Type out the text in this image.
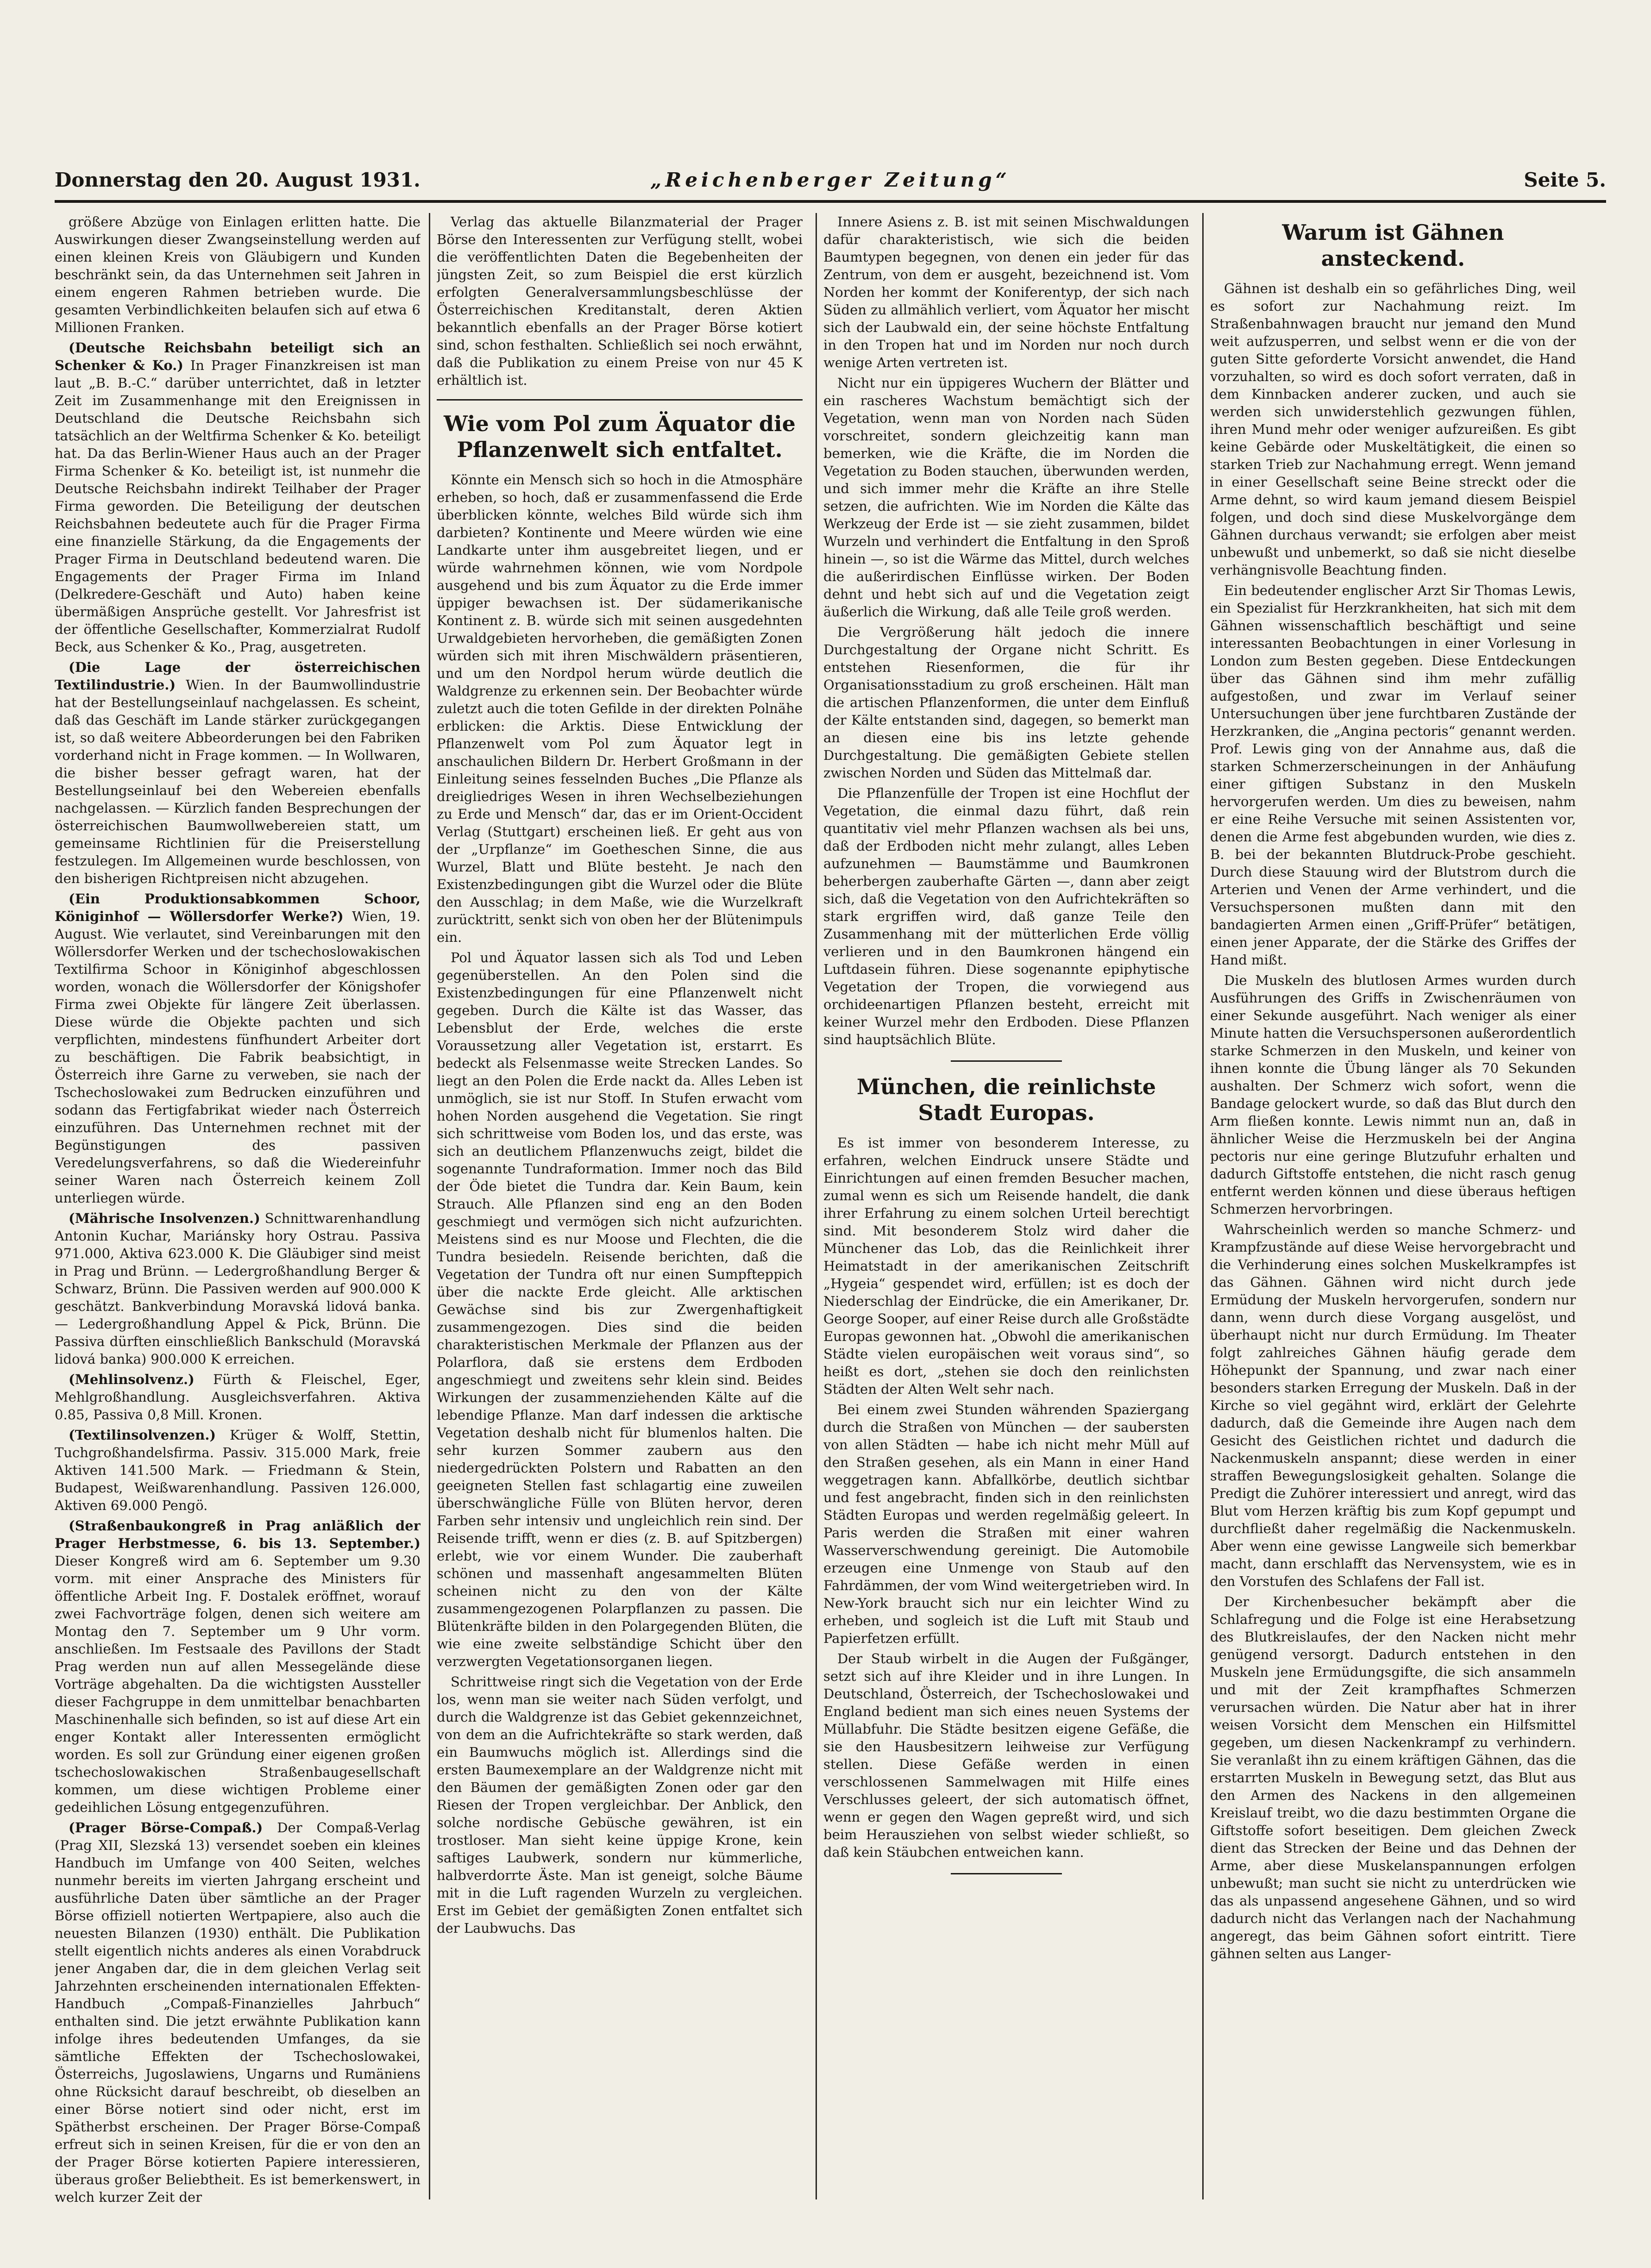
„Reichenberger Zeitung“
Donnerstag den 20. August 1931.	Seite 5.

größere Abzüge von Einlagen erlitten hatte. Die Auswirkungen dieser Zwangseinstellung werden auf einen kleinen Kreis von Gläubigern und Kunden beschränkt sein, da das Unternehmen seit Jahren in einem engeren Rahmen betrieben wurde. Die gesamten Verbindlichkeiten belaufen sich auf etwa 6 Millionen Franken.

(Deutsche Reichsbahn beteiligt sich an Schenker & Ko.) In Prager Finanzkreisen ist man laut „B. B.-C.“ darüber unterrichtet, daß in letzter Zeit im Zusammenhange mit den Ereignissen in Deutschland die Deutsche Reichsbahn sich tatsächlich an der Weltfirma Schenker & Ko. beteiligt hat. Da das Berlin-Wiener Haus auch an der Prager Firma Schenker & Ko. beteiligt ist, ist nunmehr die Deutsche Reichsbahn indirekt Teilhaber der Prager Firma geworden. Die Beteiligung der deutschen Reichsbahnen bedeutete auch für die Prager Firma eine finanzielle Stärkung, da die Engagements der Prager Firma in Deutschland bedeutend waren. Die Engagements der Prager Firma im Inland (Delkredere-Geschäft und Auto) haben keine übermäßigen Ansprüche gestellt. Vor Jahresfrist ist der öffentliche Gesellschafter, Kommerzialrat Rudolf Beck, aus Schenker & Ko., Prag, ausgetreten.

(Die Lage der österreichischen Textilindustrie.) Wien. In der Baumwollindustrie hat der Bestellungseinlauf nachgelassen. Es scheint, daß das Geschäft im Lande stärker zurückgegangen ist, so daß weitere Abbeorderungen bei den Fabriken vorderhand nicht in Frage kommen. — In Wollwaren, die bisher besser gefragt waren, hat der Bestellungseinlauf bei den Webereien ebenfalls nachgelassen. — Kürzlich fanden Besprechungen der österreichischen Baumwollwebereien statt, um gemeinsame Richtlinien für die Preiserstellung festzulegen. Im Allgemeinen wurde beschlossen, von den bisherigen Richtpreisen nicht abzugehen.

(Ein Produktionsabkommen Schoor, Königinhof — Wöllersdorfer Werke?) Wien, 19. August. Wie verlautet, sind Vereinbarungen mit den Wöllersdorfer Werken und der tschechoslowakischen Textilfirma Schoor in Königinhof abgeschlossen worden, wonach die Wöllersdorfer der Königshofer Firma zwei Objekte für längere Zeit überlassen. Diese würde die Objekte pachten und sich verpflichten, mindestens fünfhundert Arbeiter dort zu beschäftigen. Die Fabrik beabsichtigt, in Österreich ihre Garne zu verweben, sie nach der Tschechoslowakei zum Bedrucken einzuführen und sodann das Fertigfabrikat wieder nach Österreich einzuführen. Das Unternehmen rechnet mit der Begünstigungen des passiven Veredelungsverfahrens, so daß die Wiedereinfuhr seiner Waren nach Österreich keinem Zoll unterliegen würde.

(Mährische Insolvenzen.) Schnittwarenhandlung Antonin Kuchar, Mariánsky hory Ostrau. Passiva 971.000, Aktiva 623.000 K. Die Gläubiger sind meist in Prag und Brünn. — Ledergroßhandlung Berger & Schwarz, Brünn. Die Passiven werden auf 900.000 K geschätzt. Bankverbindung Moravská lidová banka. — Ledergroßhandlung Appel & Pick, Brünn. Die Passiva dürften einschließlich Bankschuld (Moravská lidová banka) 900.000 K erreichen.

(Mehlinsolvenz.) Fürth & Fleischel, Eger, Mehlgroßhandlung. Ausgleichsverfahren. Aktiva 0.85, Passiva 0,8 Mill. Kronen.

(Textilinsolvenzen.) Krüger & Wolff, Stettin, Tuchgroßhandelsfirma. Passiv. 315.000 Mark, freie Aktiven 141.500 Mark. — Friedmann & Stein, Budapest, Weißwarenhandlung. Passiven 126.000, Aktiven 69.000 Pengö.

(Straßenbaukongreß in Prag anläßlich der Prager Herbstmesse, 6. bis 13. September.) Dieser Kongreß wird am 6. September um 9.30 vorm. mit einer Ansprache des Ministers für öffentliche Arbeit Ing. F. Dostalek eröffnet, worauf zwei Fachvorträge folgen, denen sich weitere am Montag den 7. September um 9 Uhr vorm. anschließen. Im Festsaale des Pavillons der Stadt Prag werden nun auf allen Messegelände diese Vorträge abgehalten. Da die wichtigsten Aussteller dieser Fachgruppe in dem unmittelbar benachbarten Maschinenhalle sich befinden, so ist auf diese Art ein enger Kontakt aller Interessenten ermöglicht worden. Es soll zur Gründung einer eigenen großen tschechoslowakischen Straßenbaugesellschaft kommen, um diese wichtigen Probleme einer gedeihlichen Lösung entgegenzuführen.

(Prager Börse-Compaß.) Der Compaß-Verlag (Prag XII, Slezská 13) versendet soeben ein kleines Handbuch im Umfange von 400 Seiten, welches nunmehr bereits im vierten Jahrgang erscheint und ausführliche Daten über sämtliche an der Prager Börse offiziell notierten Wertpapiere, also auch die neuesten Bilanzen (1930) enthält. Die Publikation stellt eigentlich nichts anderes als einen Vorabdruck jener Angaben dar, die in dem gleichen Verlag seit Jahrzehnten erscheinenden internationalen Effekten-Handbuch „Compaß-Finanzielles Jahrbuch“ enthalten sind. Die jetzt erwähnte Publikation kann infolge ihres bedeutenden Umfanges, da sie sämtliche Effekten der Tschechoslowakei, Österreichs, Jugoslawiens, Ungarns und Rumäniens ohne Rücksicht darauf beschreibt, ob dieselben an einer Börse notiert sind oder nicht, erst im Spätherbst erscheinen. Der Prager Börse-Compaß erfreut sich in seinen Kreisen, für die er von den an der Prager Börse kotierten Papiere interessieren, überaus großer Beliebtheit. Es ist bemerkenswert, in welch kurzer Zeit der

Verlag das aktuelle Bilanzmaterial der Prager Börse den Interessenten zur Verfügung stellt, wobei die veröffentlichten Daten die Begebenheiten der jüngsten Zeit, so zum Beispiel die erst kürzlich erfolgten Generalversammlungsbeschlüsse der Österreichischen Kreditanstalt, deren Aktien bekanntlich ebenfalls an der Prager Börse kotiert sind, schon festhalten. Schließlich sei noch erwähnt, daß die Publikation zu einem Preise von nur 45 K erhältlich ist.

Wie vom Pol zum Äquator die Pflanzenwelt sich entfaltet.

Könnte ein Mensch sich so hoch in die Atmosphäre erheben, so hoch, daß er zusammenfassend die Erde überblicken könnte, welches Bild würde sich ihm darbieten? Kontinente und Meere würden wie eine Landkarte unter ihm ausgebreitet liegen, und er würde wahrnehmen können, wie vom Nordpole ausgehend und bis zum Äquator zu die Erde immer üppiger bewachsen ist. Der südamerikanische Kontinent z. B. würde sich mit seinen ausgedehnten Urwaldgebieten hervorheben, die gemäßigten Zonen würden sich mit ihren Mischwäldern präsentieren, und um den Nordpol herum würde deutlich die Waldgrenze zu erkennen sein. Der Beobachter würde zuletzt auch die toten Gefilde in der direkten Polnähe erblicken: die Arktis. Diese Entwicklung der Pflanzenwelt vom Pol zum Äquator legt in anschaulichen Bildern Dr. Herbert Großmann in der Einleitung seines fesselnden Buches „Die Pflanze als dreigliedriges Wesen in ihren Wechselbeziehungen zu Erde und Mensch“ dar, das er im Orient-Occident Verlag (Stuttgart) erscheinen ließ. Er geht aus von der „Urpflanze“ im Goetheschen Sinne, die aus Wurzel, Blatt und Blüte besteht. Je nach den Existenzbedingungen gibt die Wurzel oder die Blüte den Ausschlag; in dem Maße, wie die Wurzelkraft zurücktritt, senkt sich von oben her der Blütenimpuls ein.

Pol und Äquator lassen sich als Tod und Leben gegenüberstellen. An den Polen sind die Existenzbedingungen für eine Pflanzenwelt nicht gegeben. Durch die Kälte ist das Wasser, das Lebensblut der Erde, welches die erste Voraussetzung aller Vegetation ist, erstarrt. Es bedeckt als Felsenmasse weite Strecken Landes. So liegt an den Polen die Erde nackt da. Alles Leben ist unmöglich, sie ist nur Stoff. In Stufen erwacht vom hohen Norden ausgehend die Vegetation. Sie ringt sich schrittweise vom Boden los, und das erste, was sich an deutlichem Pflanzenwuchs zeigt, bildet die sogenannte Tundraformation. Immer noch das Bild der Öde bietet die Tundra dar. Kein Baum, kein Strauch. Alle Pflanzen sind eng an den Boden geschmiegt und vermögen sich nicht aufzurichten. Meistens sind es nur Moose und Flechten, die die Tundra besiedeln. Reisende berichten, daß die Vegetation der Tundra oft nur einen Sumpfteppich über die nackte Erde gleicht. Alle arktischen Gewächse sind bis zur Zwergenhaftigkeit zusammengezogen. Dies sind die beiden charakteristischen Merkmale der Pflanzen aus der Polarflora, daß sie erstens dem Erdboden angeschmiegt und zweitens sehr klein sind. Beides Wirkungen der zusammenziehenden Kälte auf die lebendige Pflanze. Man darf indessen die arktische Vegetation deshalb nicht für blumenlos halten. Die sehr kurzen Sommer zaubern aus den niedergedrückten Polstern und Rabatten an den geeigneten Stellen fast schlagartig eine zuweilen überschwängliche Fülle von Blüten hervor, deren Farben sehr intensiv und ungleichlich rein sind. Der Reisende trifft, wenn er dies (z. B. auf Spitzbergen) erlebt, wie vor einem Wunder. Die zauberhaft schönen und massenhaft angesammelten Blüten scheinen nicht zu den von der Kälte zusammengezogenen Polarpflanzen zu passen. Die Blütenkräfte bilden in den Polargegenden Blüten, die wie eine zweite selbständige Schicht über den verzwergten Vegetationsorganen liegen.

Schrittweise ringt sich die Vegetation von der Erde los, wenn man sie weiter nach Süden verfolgt, und durch die Waldgrenze ist das Gebiet gekennzeichnet, von dem an die Aufrichtekräfte so stark werden, daß ein Baumwuchs möglich ist. Allerdings sind die ersten Baumexemplare an der Waldgrenze nicht mit den Bäumen der gemäßigten Zonen oder gar den Riesen der Tropen vergleichbar. Der Anblick, den solche nordische Gebüsche gewähren, ist ein trostloser. Man sieht keine üppige Krone, kein saftiges Laubwerk, sondern nur kümmerliche, halbverdorrte Äste. Man ist geneigt, solche Bäume mit in die Luft ragenden Wurzeln zu vergleichen. Erst im Gebiet der gemäßigten Zonen entfaltet sich der Laubwuchs. Das

Innere Asiens z. B. ist mit seinen Mischwaldungen dafür charakteristisch, wie sich die beiden Baumtypen begegnen, von denen ein jeder für das Zentrum, von dem er ausgeht, bezeichnend ist. Vom Norden her kommt der Koniferentyp, der sich nach Süden zu allmählich verliert, vom Äquator her mischt sich der Laubwald ein, der seine höchste Entfaltung in den Tropen hat und im Norden nur noch durch wenige Arten vertreten ist.

Nicht nur ein üppigeres Wuchern der Blätter und ein rascheres Wachstum bemächtigt sich der Vegetation, wenn man von Norden nach Süden vorschreitet, sondern gleichzeitig kann man bemerken, wie die Kräfte, die im Norden die Vegetation zu Boden stauchen, überwunden werden, und sich immer mehr die Kräfte an ihre Stelle setzen, die aufrichten. Wie im Norden die Kälte das Werkzeug der Erde ist — sie zieht zusammen, bildet Wurzeln und verhindert die Entfaltung in den Sproß hinein —, so ist die Wärme das Mittel, durch welches die außerirdischen Einflüsse wirken. Der Boden dehnt und hebt sich auf und die Vegetation zeigt äußerlich die Wirkung, daß alle Teile groß werden.

Die Vergrößerung hält jedoch die innere Durchgestaltung der Organe nicht Schritt. Es entstehen Riesenformen, die für ihr Organisationsstadium zu groß erscheinen. Hält man die artischen Pflanzenformen, die unter dem Einfluß der Kälte entstanden sind, dagegen, so bemerkt man an diesen eine bis ins letzte gehende Durchgestaltung. Die gemäßigten Gebiete stellen zwischen Norden und Süden das Mittelmaß dar.

Die Pflanzenfülle der Tropen ist eine Hochflut der Vegetation, die einmal dazu führt, daß rein quantitativ viel mehr Pflanzen wachsen als bei uns, daß der Erdboden nicht mehr zulangt, alles Leben aufzunehmen — Baumstämme und Baumkronen beherbergen zauberhafte Gärten —, dann aber zeigt sich, daß die Vegetation von den Aufrichtekräften so stark ergriffen wird, daß ganze Teile den Zusammenhang mit der mütterlichen Erde völlig verlieren und in den Baumkronen hängend ein Luftdasein führen. Diese sogenannte epiphytische Vegetation der Tropen, die vorwiegend aus orchideenartigen Pflanzen besteht, erreicht mit keiner Wurzel mehr den Erdboden. Diese Pflanzen sind hauptsächlich Blüte.

München, die reinlichste Stadt Europas.

Es ist immer von besonderem Interesse, zu erfahren, welchen Eindruck unsere Städte und Einrichtungen auf einen fremden Besucher machen, zumal wenn es sich um Reisende handelt, die dank ihrer Erfahrung zu einem solchen Urteil berechtigt sind. Mit besonderem Stolz wird daher die Münchener das Lob, das die Reinlichkeit ihrer Heimatstadt in der amerikanischen Zeitschrift „Hygeia“ gespendet wird, erfüllen; ist es doch der Niederschlag der Eindrücke, die ein Amerikaner, Dr. George Sooper, auf einer Reise durch alle Großstädte Europas gewonnen hat. „Obwohl die amerikanischen Städte vielen europäischen weit voraus sind“, so heißt es dort, „stehen sie doch den reinlichsten Städten der Alten Welt sehr nach.

Bei einem zwei Stunden währenden Spaziergang durch die Straßen von München — der saubersten von allen Städten — habe ich nicht mehr Müll auf den Straßen gesehen, als ein Mann in einer Hand weggetragen kann. Abfallkörbe, deutlich sichtbar und fest angebracht, finden sich in den reinlichsten Städten Europas und werden regelmäßig geleert. In Paris werden die Straßen mit einer wahren Wasserverschwendung gereinigt. Die Automobile erzeugen eine Unmenge von Staub auf den Fahrdämmen, der vom Wind weitergetrieben wird. In New-York braucht sich nur ein leichter Wind zu erheben, und sogleich ist die Luft mit Staub und Papierfetzen erfüllt.

Der Staub wirbelt in die Augen der Fußgänger, setzt sich auf ihre Kleider und in ihre Lungen. In Deutschland, Österreich, der Tschechoslowakei und England bedient man sich eines neuen Systems der Müllabfuhr. Die Städte besitzen eigene Gefäße, die sie den Hausbesitzern leihweise zur Verfügung stellen. Diese Gefäße werden in einen verschlossenen Sammelwagen mit Hilfe eines Verschlusses geleert, der sich automatisch öffnet, wenn er gegen den Wagen gepreßt wird, und sich beim Herausziehen von selbst wieder schließt, so daß kein Stäubchen entweichen kann.

Warum ist Gähnen ansteckend.

Gähnen ist deshalb ein so gefährliches Ding, weil es sofort zur Nachahmung reizt. Im Straßenbahnwagen braucht nur jemand den Mund weit aufzusperren, und selbst wenn er die von der guten Sitte geforderte Vorsicht anwendet, die Hand vorzuhalten, so wird es doch sofort verraten, daß in dem Kinnbacken anderer zucken, und auch sie werden sich unwiderstehlich gezwungen fühlen, ihren Mund mehr oder weniger aufzureißen. Es gibt keine Gebärde oder Muskeltätigkeit, die einen so starken Trieb zur Nachahmung erregt. Wenn jemand in einer Gesellschaft seine Beine streckt oder die Arme dehnt, so wird kaum jemand diesem Beispiel folgen, und doch sind diese Muskelvorgänge dem Gähnen durchaus verwandt; sie erfolgen aber meist unbewußt und unbemerkt, so daß sie nicht dieselbe verhängnisvolle Beachtung finden.

Ein bedeutender englischer Arzt Sir Thomas Lewis, ein Spezialist für Herzkrankheiten, hat sich mit dem Gähnen wissenschaftlich beschäftigt und seine interessanten Beobachtungen in einer Vorlesung in London zum Besten gegeben. Diese Entdeckungen über das Gähnen sind ihm mehr zufällig aufgestoßen, und zwar im Verlauf seiner Untersuchungen über jene furchtbaren Zustände der Herzkranken, die „Angina pectoris“ genannt werden. Prof. Lewis ging von der Annahme aus, daß die starken Schmerzerscheinungen in der Anhäufung einer giftigen Substanz in den Muskeln hervorgerufen werden. Um dies zu beweisen, nahm er eine Reihe Versuche mit seinen Assistenten vor, denen die Arme fest abgebunden wurden, wie dies z. B. bei der bekannten Blutdruck-Probe geschieht. Durch diese Stauung wird der Blutstrom durch die Arterien und Venen der Arme verhindert, und die Versuchspersonen mußten dann mit den bandagierten Armen einen „Griff-Prüfer“ betätigen, einen jener Apparate, der die Stärke des Griffes der Hand mißt.

Die Muskeln des blutlosen Armes wurden durch Ausführungen des Griffs in Zwischenräumen von einer Sekunde ausgeführt. Nach weniger als einer Minute hatten die Versuchspersonen außerordentlich starke Schmerzen in den Muskeln, und keiner von ihnen konnte die Übung länger als 70 Sekunden aushalten. Der Schmerz wich sofort, wenn die Bandage gelockert wurde, so daß das Blut durch den Arm fließen konnte. Lewis nimmt nun an, daß in ähnlicher Weise die Herzmuskeln bei der Angina pectoris nur eine geringe Blutzufuhr erhalten und dadurch Giftstoffe entstehen, die nicht rasch genug entfernt werden können und diese überaus heftigen Schmerzen hervorbringen.

Wahrscheinlich werden so manche Schmerz- und Krampfzustände auf diese Weise hervorgebracht und die Verhinderung eines solchen Muskelkrampfes ist das Gähnen. Gähnen wird nicht durch jede Ermüdung der Muskeln hervorgerufen, sondern nur dann, wenn durch diese Vorgang ausgelöst, und überhaupt nicht nur durch Ermüdung. Im Theater folgt zahlreiches Gähnen häufig gerade dem Höhepunkt der Spannung, und zwar nach einer besonders starken Erregung der Muskeln. Daß in der Kirche so viel gegähnt wird, erklärt der Gelehrte dadurch, daß die Gemeinde ihre Augen nach dem Gesicht des Geistlichen richtet und dadurch die Nackenmuskeln anspannt; diese werden in einer straffen Bewegungslosigkeit gehalten. Solange die Predigt die Zuhörer interessiert und anregt, wird das Blut vom Herzen kräftig bis zum Kopf gepumpt und durchfließt daher regelmäßig die Nackenmuskeln. Aber wenn eine gewisse Langweile sich bemerkbar macht, dann erschlafft das Nervensystem, wie es in den Vorstufen des Schlafens der Fall ist.

Der Kirchenbesucher bekämpft aber die Schlafregung und die Folge ist eine Herabsetzung des Blutkreislaufes, der den Nacken nicht mehr genügend versorgt. Dadurch entstehen in den Muskeln jene Ermüdungsgifte, die sich ansammeln und mit der Zeit krampfhaftes Schmerzen verursachen würden. Die Natur aber hat in ihrer weisen Vorsicht dem Menschen ein Hilfsmittel gegeben, um diesen Nackenkrampf zu verhindern. Sie veranlaßt ihn zu einem kräftigen Gähnen, das die erstarrten Muskeln in Bewegung setzt, das Blut aus den Armen des Nackens in den allgemeinen Kreislauf treibt, wo die dazu bestimmten Organe die Giftstoffe sofort beseitigen. Dem gleichen Zweck dient das Strecken der Beine und das Dehnen der Arme, aber diese Muskelanspannungen erfolgen unbewußt; man sucht sie nicht zu unterdrücken wie das als unpassend angesehene Gähnen, und so wird dadurch nicht das Verlangen nach der Nachahmung angeregt, das beim Gähnen sofort eintritt. Tiere gähnen selten aus Langer-
